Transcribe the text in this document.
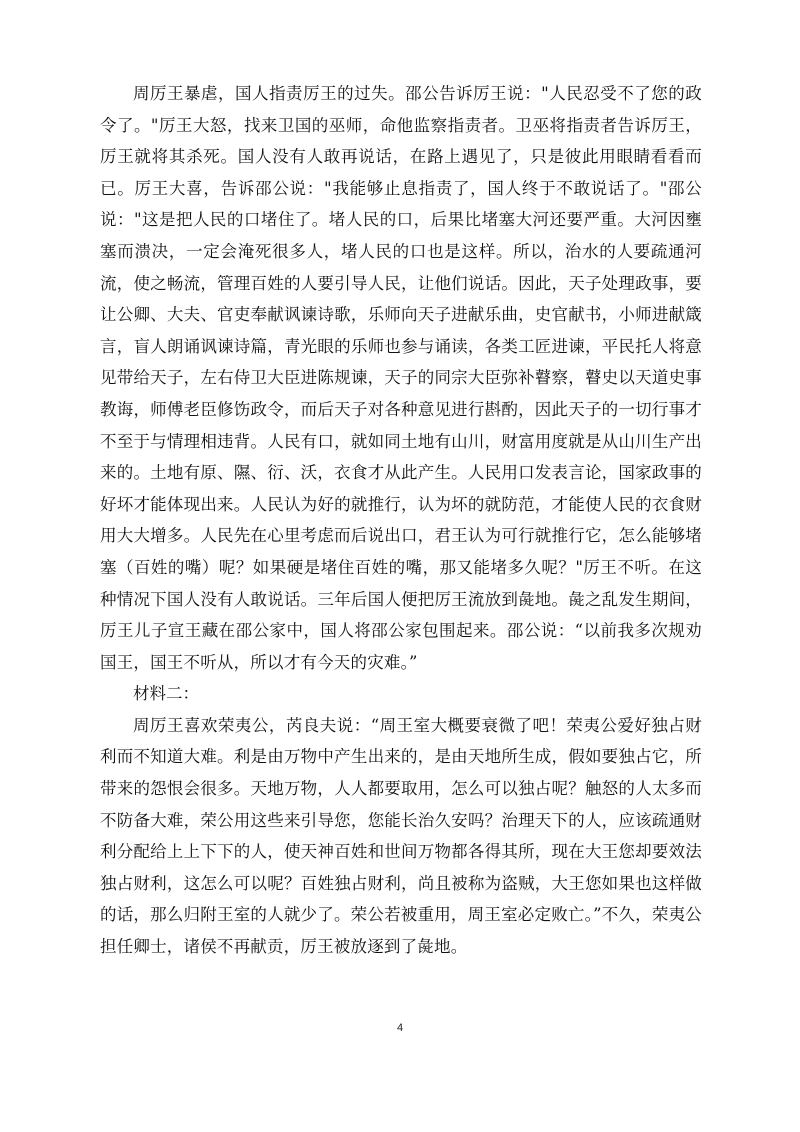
周厉王暴虐，国人指责厉王的过失。邵公告诉厉王说："人民忍受不了您的政令了。"厉王大怒，找来卫国的巫师，命他监察指责者。卫巫将指责者告诉厉王，厉王就将其杀死。国人没有人敢再说话，在路上遇见了，只是彼此用眼睛看看而已。厉王大喜，告诉邵公说："我能够止息指责了，国人终于不敢说话了。"邵公说："这是把人民的口堵住了。堵人民的口，后果比堵塞大河还要严重。大河因壅塞而溃决，一定会淹死很多人，堵人民的口也是这样。所以，治水的人要疏通河流，使之畅流，管理百姓的人要引导人民，让他们说话。因此，天子处理政事，要让公卿、大夫、官吏奉献讽谏诗歌，乐师向天子进献乐曲，史官献书，小师进献箴言，盲人朗诵讽谏诗篇，青光眼的乐师也参与诵读，各类工匠进谏，平民托人将意见带给天子，左右侍卫大臣进陈规谏，天子的同宗大臣弥补瞽察，瞽史以天道史事教诲，师傅老臣修饬政令，而后天子对各种意见进行斟酌，因此天子的一切行事才不至于与情理相违背。人民有口，就如同土地有山川，财富用度就是从山川生产出来的。土地有原、隰、衍、沃，衣食才从此产生。人民用口发表言论，国家政事的好坏才能体现出来。人民认为好的就推行，认为坏的就防范，才能使人民的衣食财用大大增多。人民先在心里考虑而后说出口，君王认为可行就推行它，怎么能够堵塞（百姓的嘴）呢？如果硬是堵住百姓的嘴，那又能堵多久呢？"厉王不听。在这种情况下国人没有人敢说话。三年后国人便把厉王流放到彘地。彘之乱发生期间，厉王儿子宣王藏在邵公家中，国人将邵公家包围起来。邵公说：“以前我多次规劝国王，国王不听从，所以才有今天的灾难。”

材料二：

周厉王喜欢荣夷公，芮良夫说：“周王室大概要衰微了吧！荣夷公爱好独占财利而不知道大难。利是由万物中产生出来的，是由天地所生成，假如要独占它，所带来的怨恨会很多。天地万物，人人都要取用，怎么可以独占呢？触怒的人太多而不防备大难，荣公用这些来引导您，您能长治久安吗？治理天下的人，应该疏通财利分配给上上下下的人，使天神百姓和世间万物都各得其所，现在大王您却要效法独占财利，这怎么可以呢？百姓独占财利，尚且被称为盗贼，大王您如果也这样做的话，那么归附王室的人就少了。荣公若被重用，周王室必定败亡。”不久，荣夷公担任卿士，诸侯不再献贡，厉王被放逐到了彘地。

4
